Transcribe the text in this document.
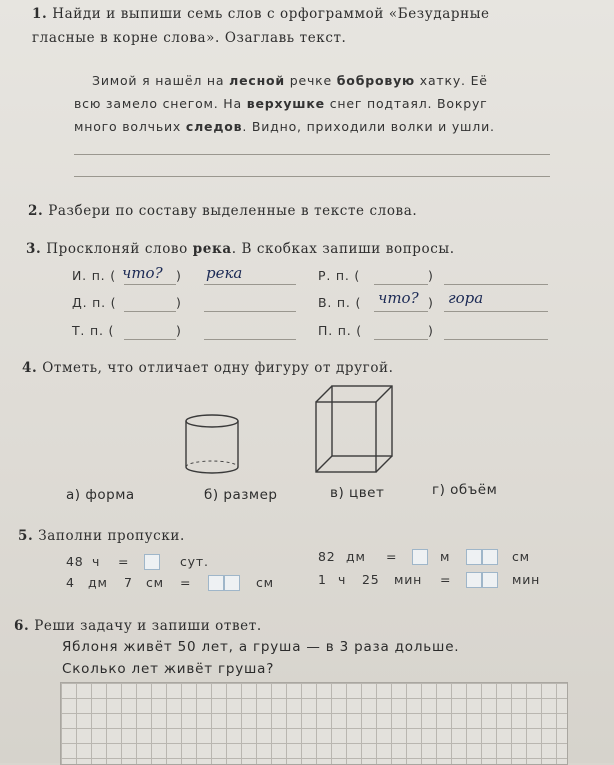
1. Найди и выпиши семь слов с орфограммой «Безударные
гласные в корне слова». Озаглавь текст.
Зимой я нашёл на лесной речке бобровую хатку. Её
всю замело снегом. На верхушке снег подтаял. Вокруг
много волчьих следов. Видно, приходили волки и ушли.
2. Разбери по составу выделенные в тексте слова.
3. Просклоняй слово река. В скобках запиши вопросы.
И. п. ( что? ) река
Д. п. (	)
Т. п. (	)
Р. п. (	)
В. п. ( что? ) гора
П. п. (	)
4. Отметь, что отличает одну фигуру от другой.
а) форма	б) размер	в) цвет	г) объём
5. Заполни пропуски.
48 ч =	сут.
4 дм 7 см =	см
82 дм =	м	см
1 ч 25 мин =	мин
6. Реши задачу и запиши ответ.
Яблоня живёт 50 лет, а груша — в 3 раза дольше.
Сколько лет живёт груша?
